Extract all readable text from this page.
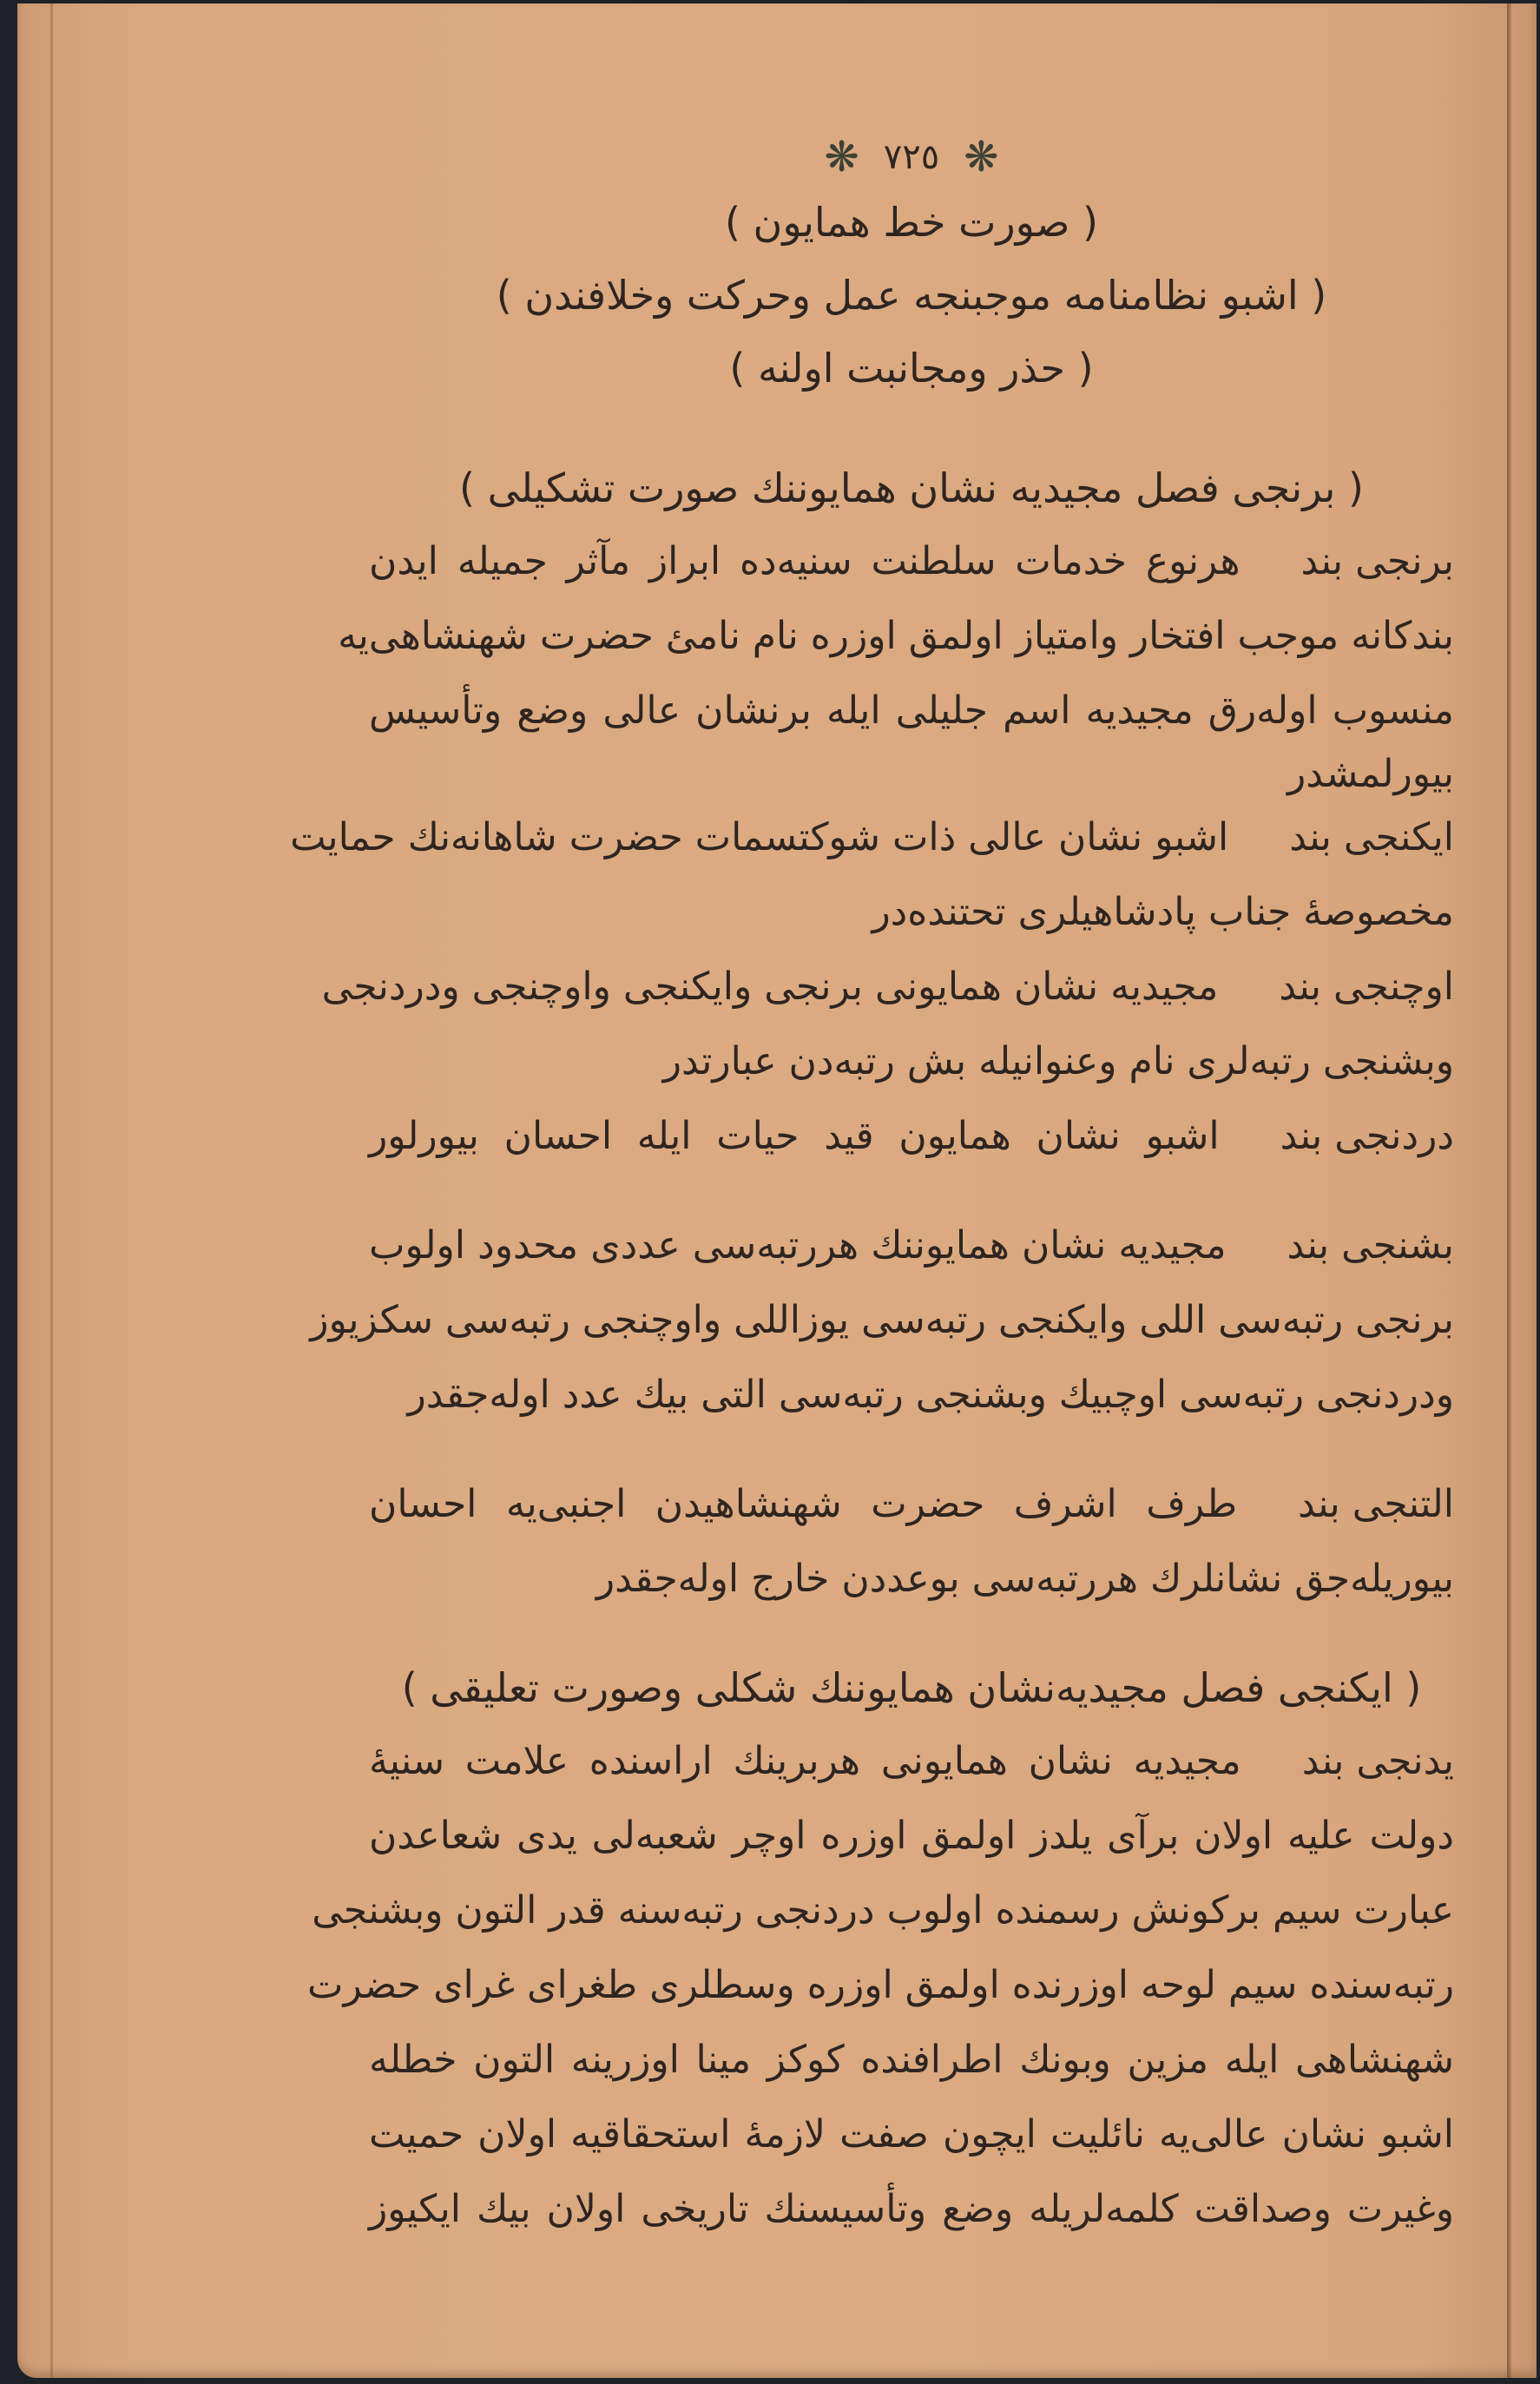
❋ ٧٢٥ ❋
( صورت خط همایون )
( اشبو نظامنامه موجبنجه عمل وحرکت وخلافندن )
( حذر ومجانبت اولنه )
( برنجی فصل مجیدیه نشان همایوننك صورت تشکیلی )
برنجی بندهرنوع خدمات سلطنت سنیه‌ده ابراز مآثر جمیله ایدن
بندکانه موجب افتخار وامتیاز اولمق اوزره نام نامئ حضرت شهنشاهی‌یه
منسوب اوله‌رق مجیدیه اسم جلیلی ایله برنشان عالی وضع وتأسیس
بیورلمشدر
ایکنجی بنداشبو نشان عالی ذات شوکتسمات حضرت شاهانه‌نك حمایت
مخصوصهٔ جناب پادشاهیلری تحتنده‌در
اوچنجی بندمجیدیه نشان همایونی برنجی وایکنجی واوچنجی ودردنجی
وبشنجی رتبه‌لری نام وعنوانیله بش رتبه‌دن عبارتدر
دردنجی بنداشبو نشان همایون قید حیات ایله احسان بیورلور
بشنجی بندمجیدیه نشان همایوننك هررتبه‌سی عددی محدود اولوب
برنجی رتبه‌سی اللی وایکنجی رتبه‌سی یوزاللی واوچنجی رتبه‌سی سکزیوز
ودردنجی رتبه‌سی اوچبیك وبشنجی رتبه‌سی التی بیك عدد اوله‌جقدر
التنجی بندطرف اشرف حضرت شهنشاهیدن اجنبی‌یه احسان
بیوریله‌جق نشانلرك هررتبه‌سی بوعددن خارج اوله‌جقدر
( ایکنجی فصل مجیدیه‌نشان همایوننك شکلی وصورت تعلیقی )
یدنجی بندمجیدیه نشان همایونی هربرینك اراسنده علامت سنیهٔ
دولت علیه اولان برآی یلدز اولمق اوزره اوچر شعبه‌لی یدی شعاعدن
عبارت سیم برکونش رسمنده اولوب دردنجی رتبه‌سنه قدر التون وبشنجی
رتبه‌سنده سیم لوحه اوزرنده اولمق اوزره وسطلری طغرای غرای حضرت
شهنشاهی ایله مزین وبونك اطرافنده کوکز مینا اوزرینه التون خطله
اشبو نشان عالی‌یه نائلیت ایچون صفت لازمهٔ استحقاقیه اولان حمیت
وغیرت وصداقت کلمه‌لریله وضع وتأسیسنك تاریخی اولان بیك ایکیوز
